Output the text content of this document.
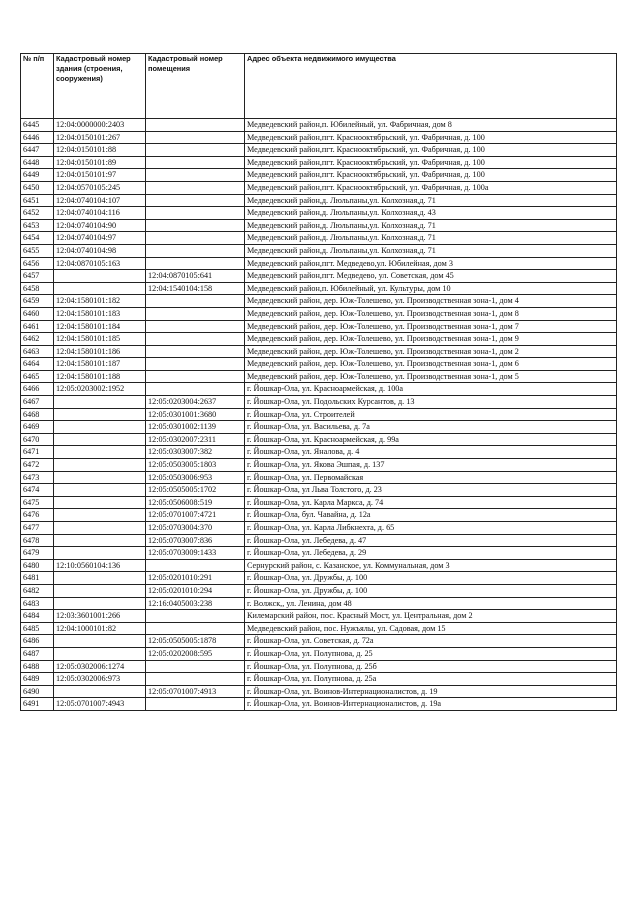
№ п/п	Кадастровый номер здания (строения, сооружения)	Кадастровый номер помещения	Адрес объекта недвижимого имущества
6445	12:04:0000000:2403		Медведевский район,п. Юбилейный, ул. Фабричная, дом 8
6446	12:04:0150101:267		Медведевский район,пгт. Краснооктябрьский, ул. Фабричная, д. 100
6447	12:04:0150101:88		Медведевский район,пгт. Краснооктябрьский, ул. Фабричная, д. 100
6448	12:04:0150101:89		Медведевский район,пгт. Краснооктябрьский, ул. Фабричная, д. 100
6449	12:04:0150101:97		Медведевский район,пгт. Краснооктябрьский, ул. Фабричная, д. 100
6450	12:04:0570105:245		Медведевский район,пгт. Краснооктябрьский, ул. Фабричная, д. 100а
6451	12:04:0740104:107		Медведевский район,д. Люльпаны,ул. Колхозная,д. 71
6452	12:04:0740104:116		Медведевский район,д. Люльпаны,ул. Колхозная,д. 43
6453	12:04:0740104:90		Медведевский район,д. Люльпаны,ул. Колхозная,д. 71
6454	12:04:0740104:97		Медведевский район,д. Люльпаны,ул. Колхозная,д. 71
6455	12:04:0740104:98		Медведевский район,д. Люльпаны,ул. Колхозная,д. 71
6456	12:04:0870105:163		Медведевский район,пгт. Медведево,ул. Юбилейная, дом 3
6457		12:04:0870105:641	Медведевский район,пгт. Медведево, ул. Советская, дом 45
6458		12:04:1540104:158	Медведевский район,п. Юбилейный, ул. Культуры, дом 10
6459	12:04:1580101:182		Медведевский район, дер. Юж-Толешево, ул. Производственная зона-1, дом 4
6460	12:04:1580101:183		Медведевский район, дер. Юж-Толешево, ул. Производственная зона-1, дом 8
6461	12:04:1580101:184		Медведевский район, дер. Юж-Толешево, ул. Производственная зона-1, дом 7
6462	12:04:1580101:185		Медведевский район, дер. Юж-Толешево, ул. Производственная зона-1, дом 9
6463	12:04:1580101:186		Медведевский район, дер. Юж-Толешево, ул. Производственная зона-1, дом 2
6464	12:04:1580101:187		Медведевский район, дер. Юж-Толешево, ул. Производственная зона-1, дом 6
6465	12:04:1580101:188		Медведевский район, дер. Юж-Толешево, ул. Производственная зона-1, дом 5
6466	12:05:0203002:1952		г. Йошкар-Ола, ул. Красноармейская, д. 100а
6467		12:05:0203004:2637	г. Йошкар-Ола, ул. Подольских Курсантов, д. 13
6468		12:05:0301001:3680	г. Йошкар-Ола, ул. Строителей
6469		12:05:0301002:1139	г. Йошкар-Ола, ул. Васильева, д. 7а
6470		12:05:0302007:2311	г. Йошкар-Ола, ул. Красноармейская, д. 99а
6471		12:05:0303007:382	г. Йошкар-Ола, ул. Яналова, д. 4
6472		12:05:0503005:1803	г. Йошкар-Ола, ул. Якова Эшпая, д. 137
6473		12:05:0503006:953	г. Йошкар-Ола, ул. Первомайская
6474		12:05:0505005:1702	г. Йошкар-Ола, ул Льва Толстого, д. 23
6475		12:05:0506008:519	г. Йошкар-Ола, ул. Карла Маркса, д. 74
6476		12:05:0701007:4721	г. Йошкар-Ола, бул. Чавайна, д. 12а
6477		12:05:0703004:370	г. Йошкар-Ола, ул. Карла Либкнехта, д. 65
6478		12:05:0703007:836	г. Йошкар-Ола, ул. Лебедева, д. 47
6479		12:05:0703009:1433	г. Йошкар-Ола, ул. Лебедева, д. 29
6480	12:10:0560104:136		Сернурский район, с. Казанское, ул. Коммунальная, дом 3
6481		12:05:0201010:291	г. Йошкар-Ола, ул. Дружбы, д. 100
6482		12:05:0201010:294	г. Йошкар-Ола, ул. Дружбы, д. 100
6483		12:16:0405003:238	г. Волжск,, ул. Ленина, дом 48
6484	12:03:3601001:266		Килемарский район, пос. Красный Мост, ул. Центральная, дом 2
6485	12:04:1000101:82		Медведевский район, пос. Нужъялы, ул. Садовая, дом 15
6486		12:05:0505005:1878	г. Йошкар-Ола, ул. Советская, д. 72а
6487		12:05:0202008:595	г. Йошкар-Ола, ул. Полупнова, д. 25
6488	12:05:0302006:1274		г. Йошкар-Ола, ул. Полупнова, д. 25б
6489	12:05:0302006:973		г. Йошкар-Ола, ул. Полупнова, д. 25а
6490		12:05:0701007:4913	г. Йошкар-Ола, ул. Воинов-Интернационалистов, д. 19
6491	12:05:0701007:4943		г. Йошкар-Ола, ул. Воинов-Интернационалистов, д. 19а
